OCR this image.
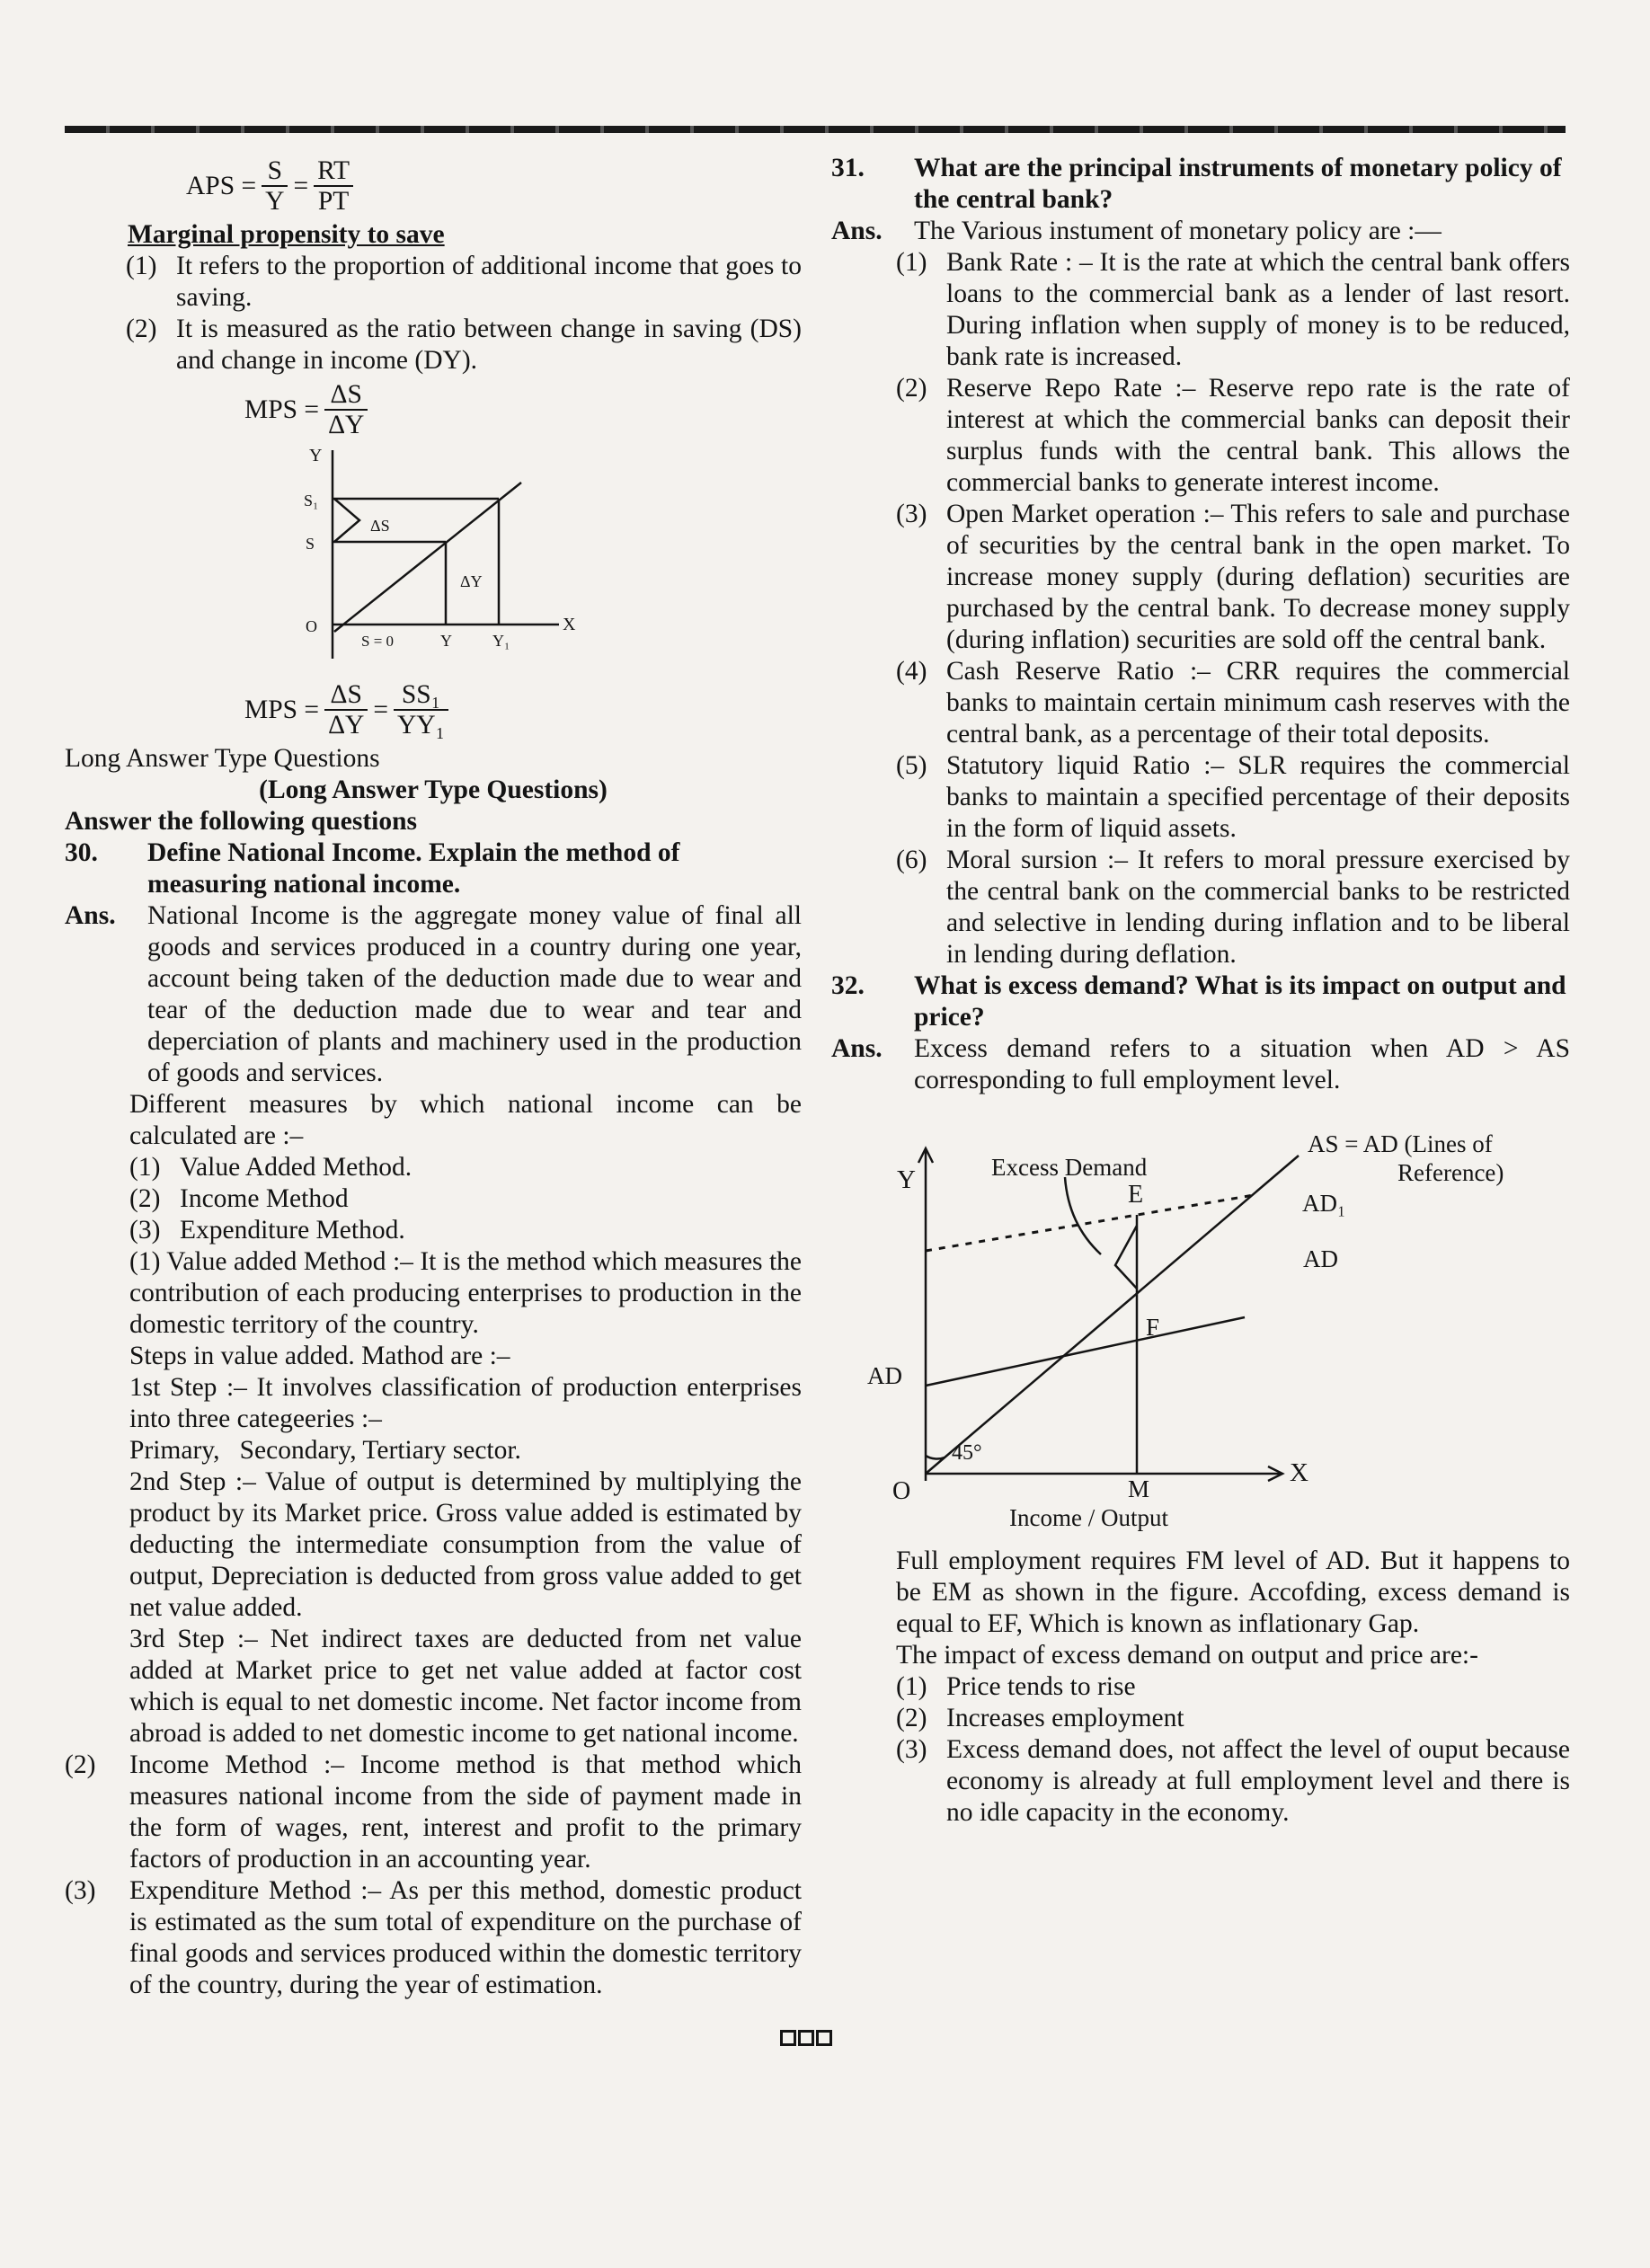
APS = $\frac{S}{Y} = \frac{RT}{PT}$

Marginal propensity to save

(1) It refers to the proportion of additional income that goes to saving.
(2) It is measured as the ratio between change in saving (DS) and change in income (DY).
MPS = $\frac{\Delta S}{\Delta Y}$
Y
S₁
S
ΔS
ΔY
O
S = 0	Y	Y₁
X
MPS = $\frac{\Delta S}{\Delta Y} = \frac{\text{SS₁}}{\text{YY₁}}$

Long Answer Type Questions

(Long Answer Type Questions)

Answer the following questions

30.	Define National Income. Explain the method of measuring national income.
Ans.	National Income is the aggregate money value of final all goods and services produced in a country during one year, account being taken of the deduction made due to wear and tear of the deduction made due to wear and tear and deperciation of plants and machinery used in the production of goods and services.

Different measures by which national income can be calculated are :–

(1) Value Added Method.
(2) Income Method
(3) Expenditure Method.

(1) Value added Method :– It is the method which measures the contribution of each producing enterprises to production in the domestic territory of the country.

Steps in value added. Mathod are :–

1st Step :– It involves classification of production enterprises into three categeeries :–

Primary,   Secondary, Tertiary sector.

2nd Step :– Value of output is determined by multiplying the product by its Market price. Gross value added is estimated by deducting the intermediate consumption from the value of output, Depreciation is deducted from gross value added to get net value added.

3rd Step :– Net indirect taxes are deducted from net value added at Market price to get net value added at factor cost which is equal to net domestic income. Net factor income from abroad is added to net domestic income to get national income.

(2)	Income Method :– Income method is that method which measures national income from the side of payment made in the form of wages, rent, interest and profit to the primary factors of production in an accounting year.
(3)	Expenditure Method :– As per this method, domestic product is estimated as the sum total of expenditure on the purchase of final goods and services produced within the domestic territory of the country, during the year of estimation.
31.	What are the principal instruments of monetary policy of the central bank?
Ans.	The Various instument of monetary policy are :—
(1) Bank Rate : – It is the rate at which the central bank offers loans to the commercial bank as a lender of last resort. During inflation when supply of money is to be reduced, bank rate is increased.
(2) Reserve Repo Rate :– Reserve repo rate is the rate of interest at which the commercial banks can deposit their surplus funds with the central bank. This allows the commercial banks to generate interest income.
(3) Open Market operation :– This refers to sale and purchase of securities by the central bank in the open market. To increase money supply (during deflation) securities are purchased by the central bank. To decrease money supply (during inflation) securities are sold off the central bank.
(4) Cash Reserve Ratio :– CRR requires the commercial banks to maintain certain minimum cash reserves with the central bank, as a percentage of their total deposits.
(5) Statutory liquid Ratio :– SLR requires the commercial banks to maintain a specified percentage of their deposits in the form of liquid assets.
(6) Moral sursion :– It refers to moral pressure exercised by the central bank on the commercial banks to be restricted and selective in lending during inflation and to be liberal in lending during deflation.
32.	What is excess demand? What is its impact on output and price?
Ans.	Excess demand refers to a situation when AD > AS corresponding to full employment level.
Excess Demand
AS = AD (Lines of
Reference)
Y
E	AD₁
AD
F
AD
45°
O	M
X
Income / Output

Full employment requires FM level of AD. But it happens to be EM as shown in the figure. Accofding, excess demand is equal to EF, Which is known as inflationary Gap.

The impact of excess demand on output and price are:-

(1) Price tends to rise
(2) Increases employment
(3) Excess demand does, not affect the level of ouput because economy is already at full employment level and there is no idle capacity in the economy.
